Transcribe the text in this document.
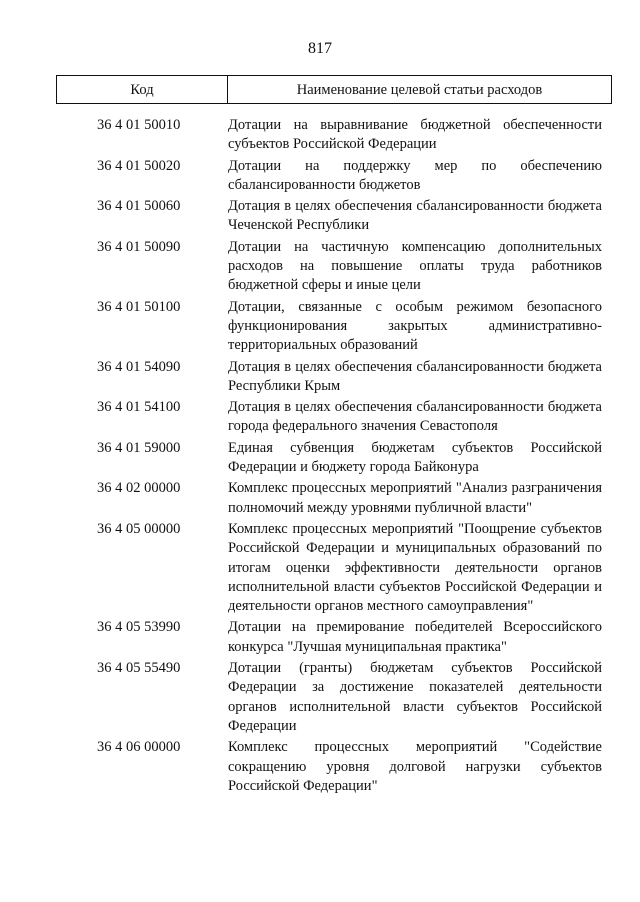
817
Код	Наименование целевой статьи расходов
36 4 01 50010	Дотации на выравнивание бюджетной обеспеченности субъектов Российской Федерации
36 4 01 50020	Дотации на поддержку мер по обеспечению сбалансированности бюджетов
36 4 01 50060	Дотация в целях обеспечения сбалансированности бюджета Чеченской Республики
36 4 01 50090	Дотации на частичную компенсацию дополнительных расходов на повышение оплаты труда работников бюджетной сферы и иные цели
36 4 01 50100	Дотации, связанные с особым режимом безопасного функционирования закрытых административно-территориальных образований
36 4 01 54090	Дотация в целях обеспечения сбалансированности бюджета Республики Крым
36 4 01 54100	Дотация в целях обеспечения сбалансированности бюджета города федерального значения Севастополя
36 4 01 59000	Единая субвенция бюджетам субъектов Российской Федерации и бюджету города Байконура
36 4 02 00000	Комплекс процессных мероприятий "Анализ разграничения полномочий между уровнями публичной власти"
36 4 05 00000	Комплекс процессных мероприятий "Поощрение субъектов Российской Федерации и муниципальных образований по итогам оценки эффективности деятельности органов исполнительной власти субъектов Российской Федерации и деятельности органов местного самоуправления"
36 4 05 53990	Дотации на премирование победителей Всероссийского конкурса "Лучшая муниципальная практика"
36 4 05 55490	Дотации (гранты) бюджетам субъектов Российской Федерации за достижение показателей деятельности органов исполнительной власти субъектов Российской Федерации
36 4 06 00000	Комплекс процессных мероприятий "Содействие сокращению уровня долговой нагрузки субъектов Российской Федерации"
